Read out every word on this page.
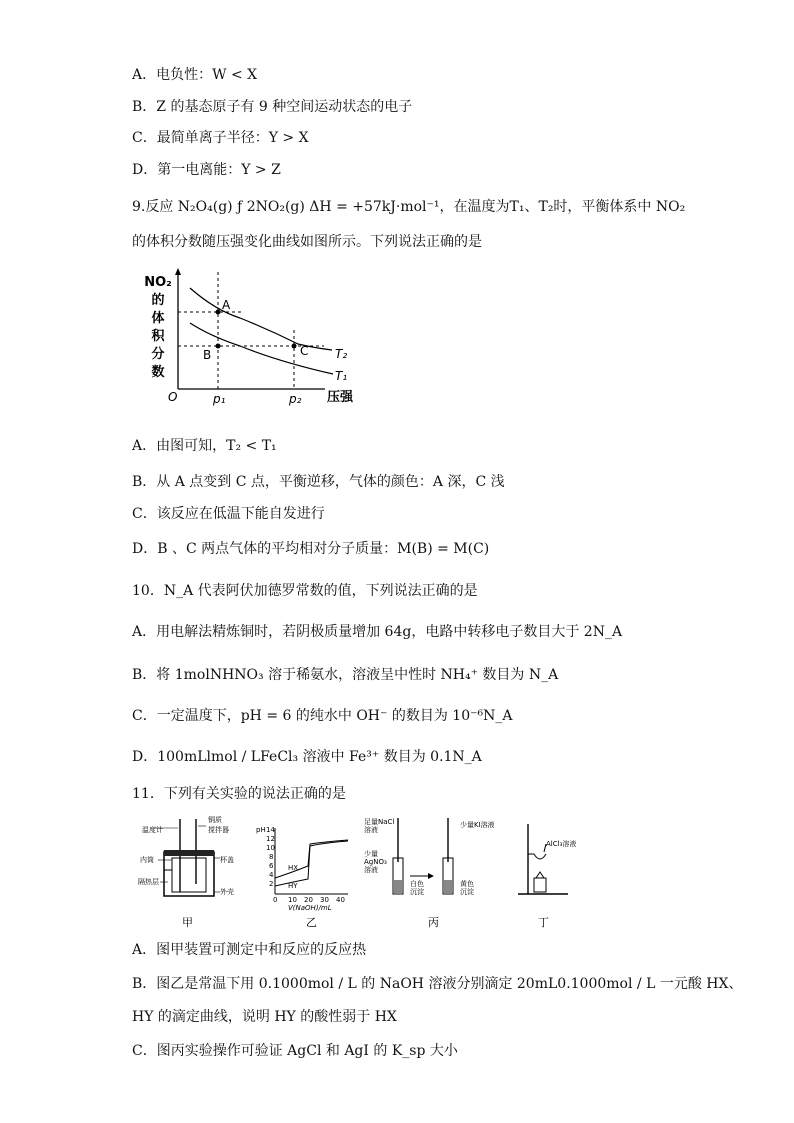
A．电负性：W < X
B．Z 的基态原子有 9 种空间运动状态的电子
C．最简单离子半径：Y > X
D．第一电离能：Y > Z
9.反应 N₂O₄(g) ƒ 2NO₂(g) ΔH = +57kJ·mol⁻¹，在温度为T₁、T₂时，平衡体系中 NO₂
的体积分数随压强变化曲线如图所示。下列说法正确的是
NO₂
的
体
积
分
数
O	压强
p₁	p₂
A
B	C T₂
T₁
A．由图可知，T₂ < T₁
B．从 A 点变到 C 点，平衡逆移，气体的颜色：A 深，C 浅
C．该反应在低温下能自发进行
D．B 、C 两点气体的平均相对分子质量：M(B) = M(C)
10．N_A 代表阿伏加德罗常数的值，下列说法正确的是
A．用电解法精炼铜时，若阴极质量增加 64g，电路中转移电子数目大于 2N_A
B．将 1molNHNO₃ 溶于稀氨水，溶液呈中性时 NH₄⁺ 数目为 N_A
C．一定温度下，pH = 6 的纯水中 OH⁻ 的数目为 10⁻⁶N_A
D．100mLlmol / LFeCl₃ 溶液中 Fe³⁺ 数目为 0.1N_A
11．下列有关实验的说法正确的是
温度计
铜质
搅拌器
内筒	杯盖
隔热层
外壳
甲
pH 14
12
10
8
6
4
2
0 10 20 30 40
V(NaOH)/mL
HX
HY
乙
足量NaCl
溶液
少量KI溶液
少量
AgNO₃
溶液
白色
沉淀
黄色
沉淀
丙
AlCl₃溶液
丁
A．图甲装置可测定中和反应的反应热
B．图乙是常温下用 0.1000mol / L 的 NaOH 溶液分别滴定 20mL0.1000mol / L 一元酸 HX、
HY 的滴定曲线，说明 HY 的酸性弱于 HX
C．图丙实验操作可验证 AgCl 和 AgI 的 K_sp 大小
